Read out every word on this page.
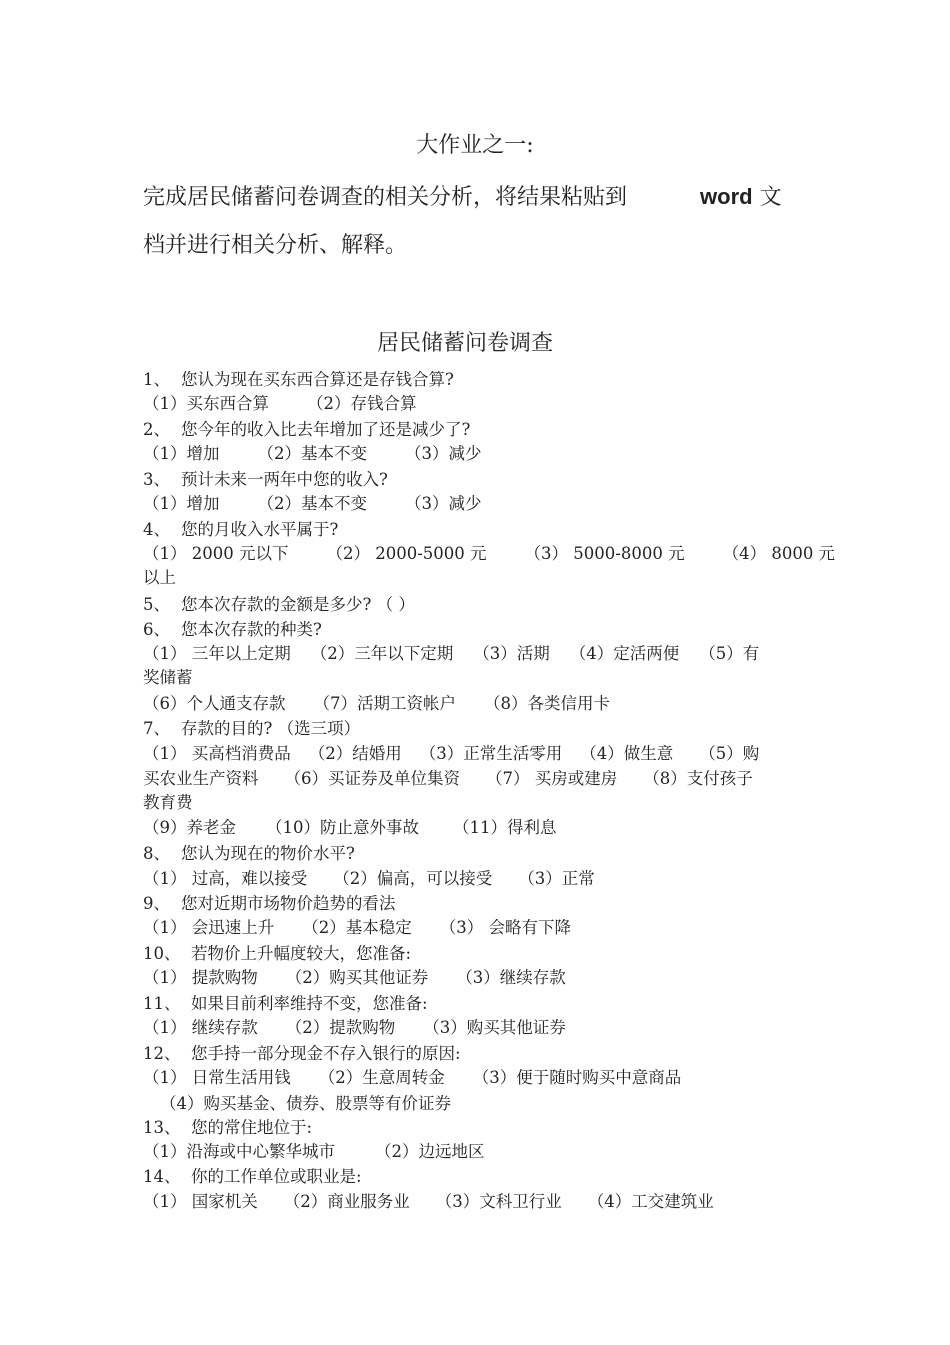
大作业之一:
完成居民储蓄问卷调查的相关分析，将结果粘贴到	word 文
档并进行相关分析、解释。
居民储蓄问卷调查
1、 您认为现在买东西合算还是存钱合算?
（1）买东西合算 （2）存钱合算
2、 您今年的收入比去年增加了还是减少了?
（1）增加 （2）基本不变 （3）减少
3、 预计未来一两年中您的收入?
（1）增加 （2）基本不变 （3）减少
4、 您的月收入水平属于?
（1） 2000 元以下 （2） 2000-5000 元 （3） 5000-8000 元 （4） 8000 元
以上
5、 您本次存款的金额是多少? （ ）
6、 您本次存款的种类?
（1） 三年以上定期 （2）三年以下定期 （3）活期 （4）定活两便 （5）有
奖储蓄
（6）个人通支存款 （7）活期工资帐户 （8）各类信用卡
7、 存款的目的? （选三项）
（1） 买高档消费品 （2）结婚用 （3）正常生活零用 （4）做生意 （5）购
买农业生产资料 （6）买证券及单位集资 （7） 买房或建房 （8）支付孩子
教育费
（9）养老金 （10）防止意外事故 （11）得利息
8、 您认为现在的物价水平?
（1） 过高，难以接受 （2）偏高，可以接受 （3）正常
9、 您对近期市场物价趋势的看法
（1） 会迅速上升 （2）基本稳定 （3） 会略有下降
10、 若物价上升幅度较大，您准备:
（1） 提款购物 （2）购买其他证券 （3）继续存款
11、 如果目前利率维持不变，您准备:
（1） 继续存款 （2）提款购物 （3）购买其他证券
12、 您手持一部分现金不存入银行的原因:
（1） 日常生活用钱 （2）生意周转金 （3）便于随时购买中意商品
（4）购买基金、债券、股票等有价证券
13、 您的常住地位于:
（1）沿海或中心繁华城市 （2）边远地区
14、 你的工作单位或职业是:
（1） 国家机关 （2）商业服务业 （3）文科卫行业 （4）工交建筑业
